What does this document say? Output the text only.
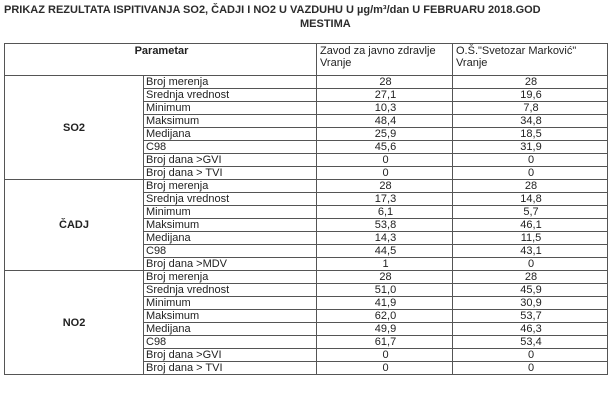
PRIKAZ REZULTATA ISPITIVANJA SO2, ČADJI I NO2 U VAZDUHU U µg/m³/dan U FEBRUARU 2018.GOD
MESTIMA
Parametar		Zavod za javno zdravlje Vranje	O.Š."Svetozar Marković" Vranje
SO2	Broj merenja	28	28
	Srednja vrednost	27,1	19,6
	Minimum	10,3	7,8
	Maksimum	48,4	34,8
	Medijana	25,9	18,5
	C98	45,6	31,9
	Broj dana >GVI	0	0
	Broj dana > TVI	0	0
ČADJ	Broj merenja	28	28
	Srednja vrednost	17,3	14,8
	Minimum	6,1	5,7
	Maksimum	53,8	46,1
	Medijana	14,3	11,5
	C98	44,5	43,1
	Broj dana >MDV	1	0
NO2	Broj merenja	28	28
	Srednja vrednost	51,0	45,9
	Minimum	41,9	30,9
	Maksimum	62,0	53,7
	Medijana	49,9	46,3
	C98	61,7	53,4
	Broj dana >GVI	0	0
	Broj dana > TVI	0	0
